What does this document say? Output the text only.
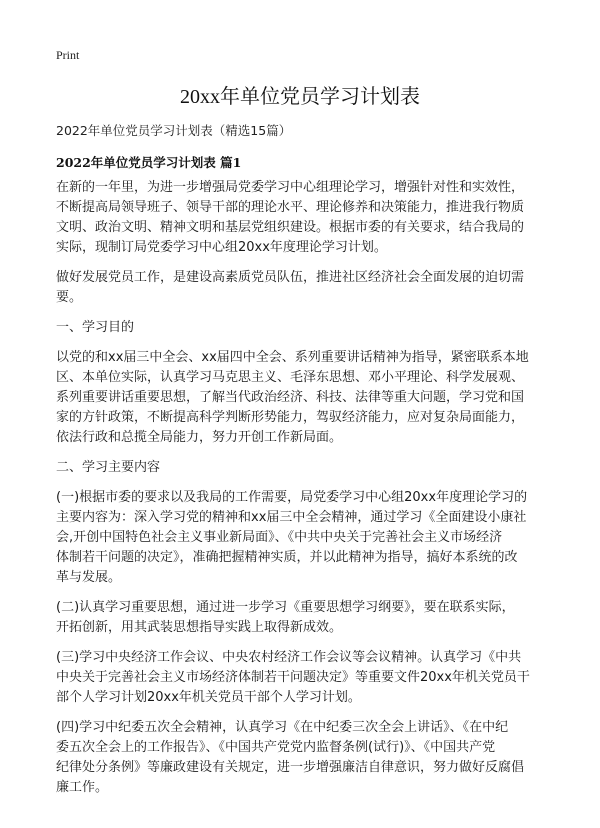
Print
20xx年单位党员学习计划表
2022年单位党员学习计划表（精选15篇）
2022年单位党员学习计划表 篇1
在新的一年里，为进一步增强局党委学习中心组理论学习，增强针对性和实效性，
不断提高局领导班子、领导干部的理论水平、理论修养和决策能力，推进我行物质
文明、政治文明、精神文明和基层党组织建设。根据市委的有关要求，结合我局的
实际，现制订局党委学习中心组20xx年度理论学习计划。
做好发展党员工作，是建设高素质党员队伍，推进社区经济社会全面发展的迫切需
要。
一、学习目的
以党的和xx届三中全会、xx届四中全会、系列重要讲话精神为指导，紧密联系本地
区、本单位实际，认真学习马克思主义、毛泽东思想、邓小平理论、科学发展观、
系列重要讲话重要思想，了解当代政治经济、科技、法律等重大问题，学习党和国
家的方针政策，不断提高科学判断形势能力，驾驭经济能力，应对复杂局面能力，
依法行政和总揽全局能力，努力开创工作新局面。
二、学习主要内容
(一)根据市委的要求以及我局的工作需要，局党委学习中心组20xx年度理论学习的
主要内容为：深入学习党的精神和xx届三中全会精神，通过学习《全面建设小康社
会,开创中国特色社会主义事业新局面》、《中共中央关于完善社会主义市场经济
体制若干问题的决定》，准确把握精神实质，并以此精神为指导，搞好本系统的改
革与发展。
(二)认真学习重要思想，通过进一步学习《重要思想学习纲要》，要在联系实际，
开拓创新，用其武装思想指导实践上取得新成效。
(三)学习中央经济工作会议、中央农村经济工作会议等会议精神。认真学习《中共
中央关于完善社会主义市场经济体制若干问题决定》等重要文件20xx年机关党员干
部个人学习计划20xx年机关党员干部个人学习计划。
(四)学习中纪委五次全会精神，认真学习《在中纪委三次全会上讲话》、《在中纪
委五次全会上的工作报告》、《中国共产党党内监督条例(试行)》、《中国共产党
纪律处分条例》等廉政建设有关规定，进一步增强廉洁自律意识，努力做好反腐倡
廉工作。
